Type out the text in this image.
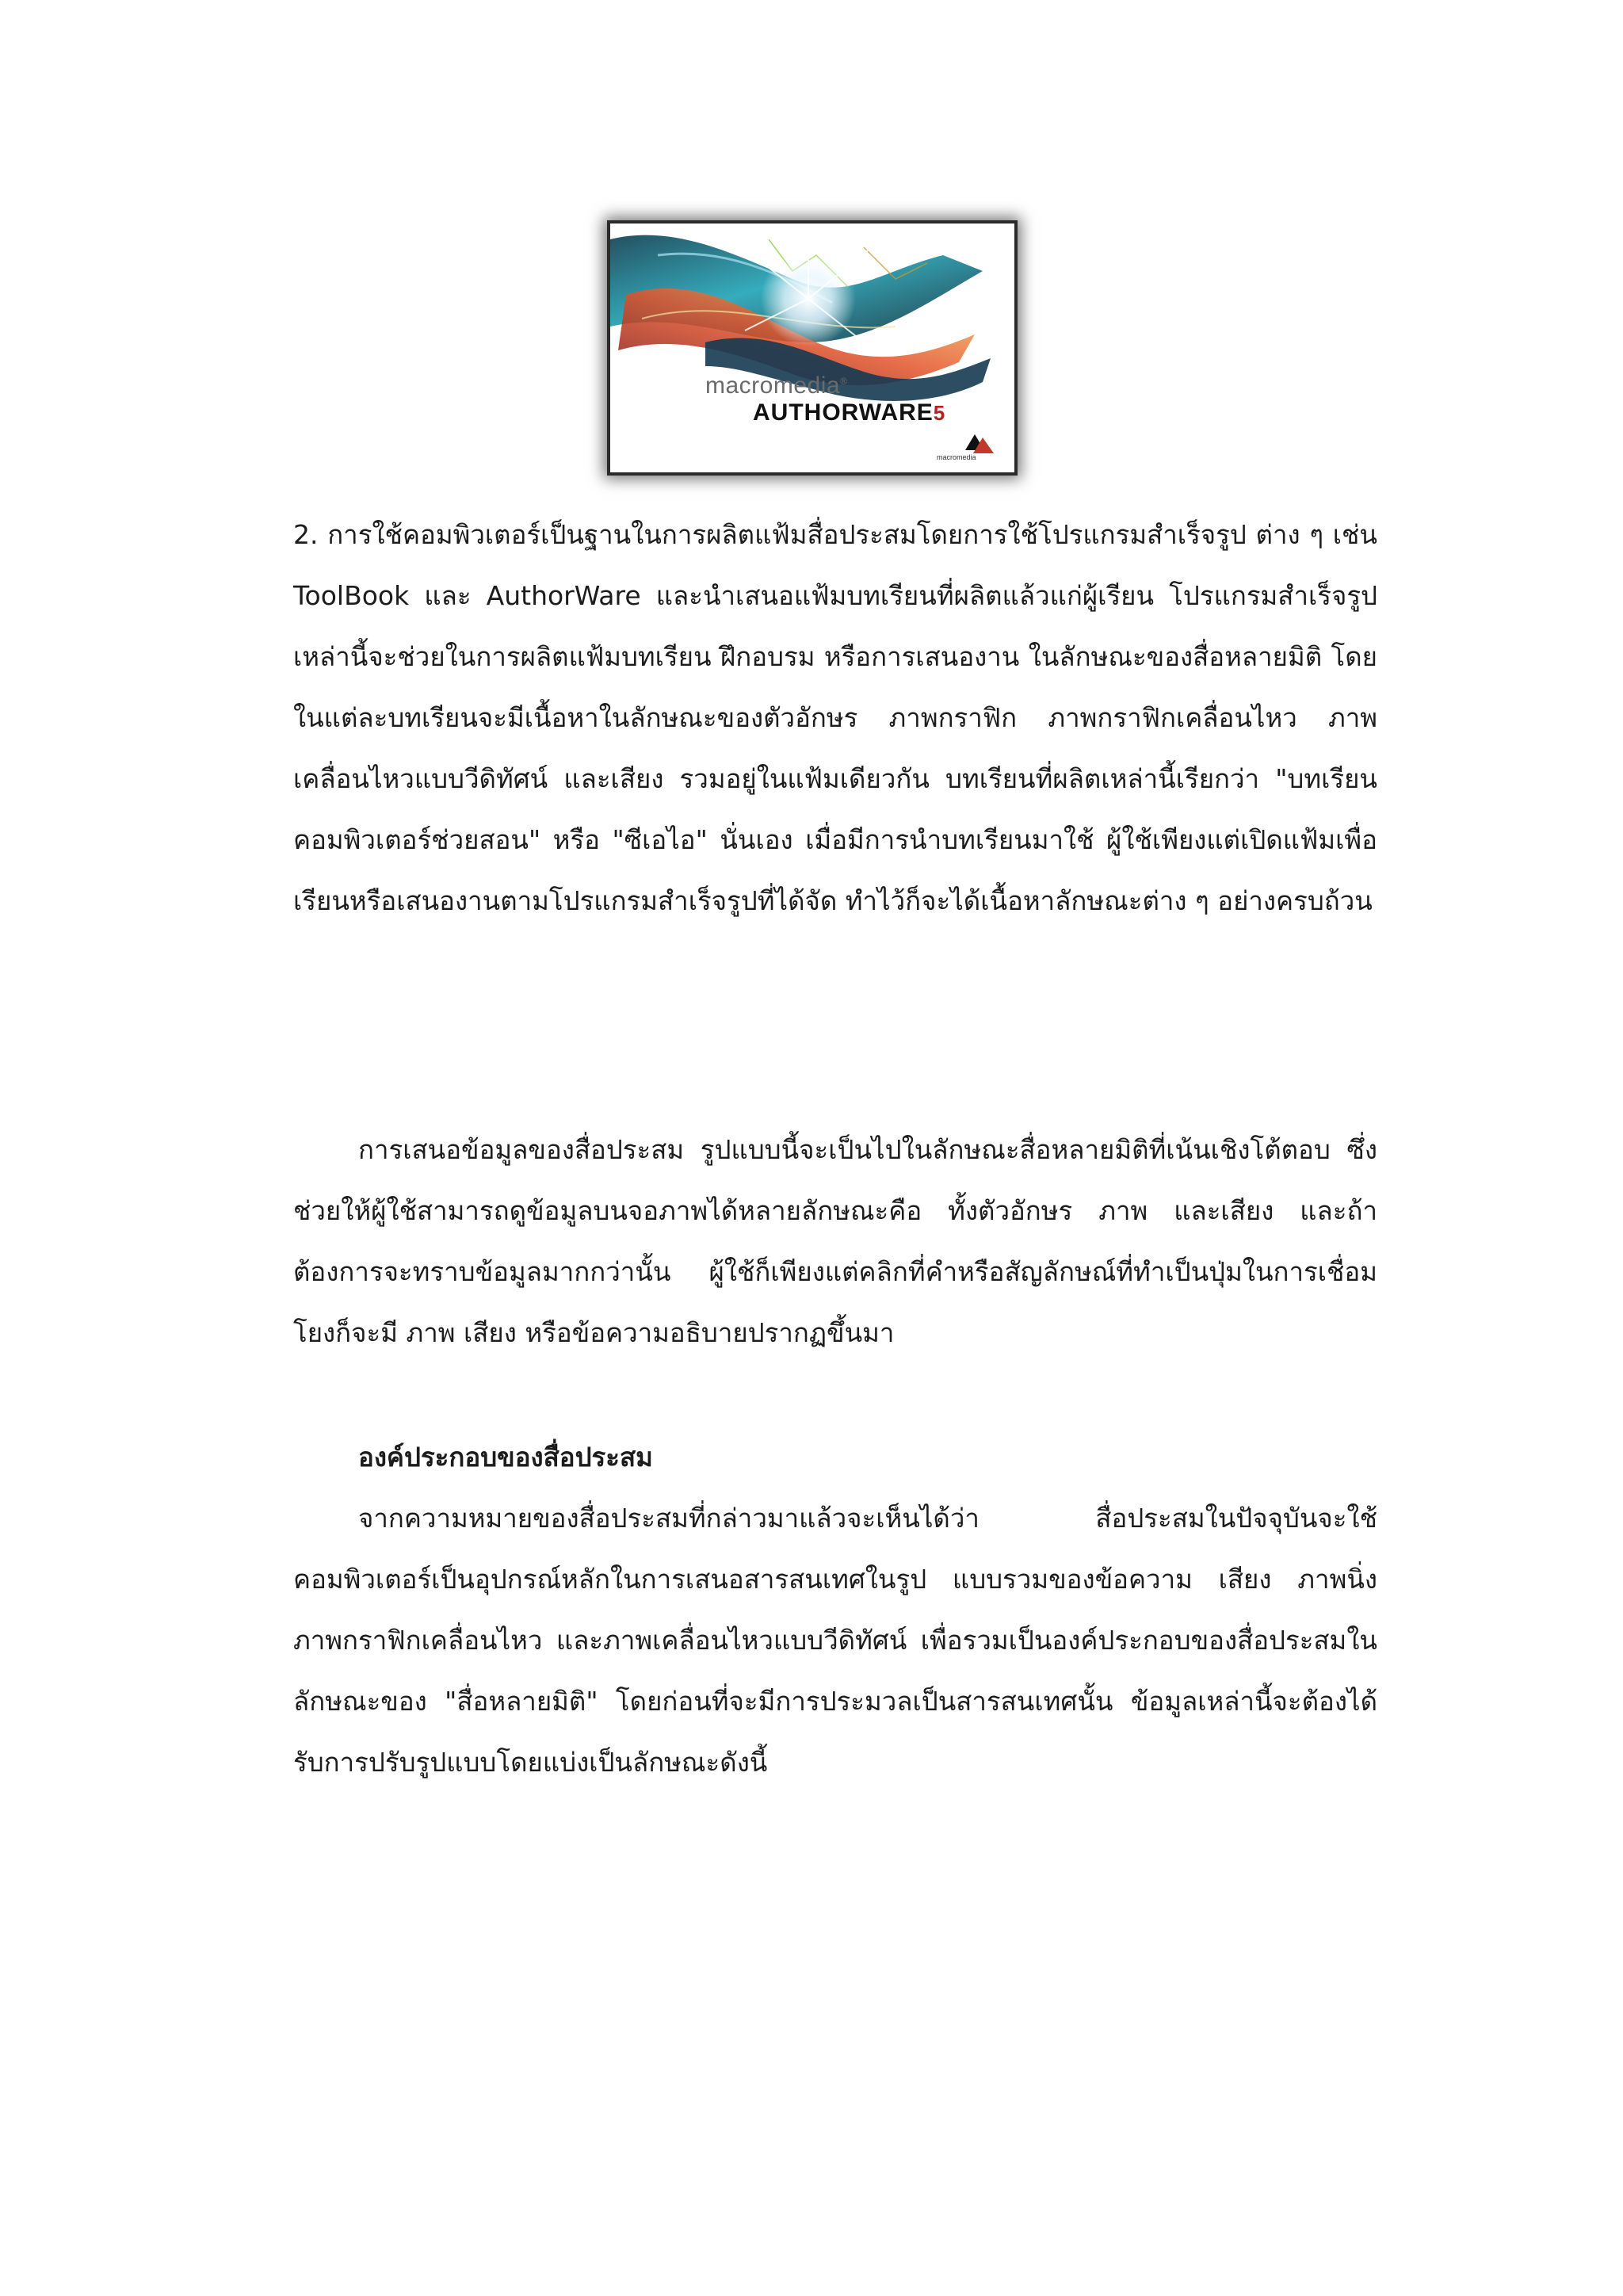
macromedia®
AUTHORWARE5
macromedia

2. การใช้คอมพิวเตอร์เป็นฐานในการผลิตแฟ้มสื่อประสมโดยการใช้โปรแกรมสำเร็จรูป ต่าง ๆ เช่น ToolBook และ AuthorWare และนำเสนอแฟ้มบทเรียนที่ผลิตแล้วแก่ผู้เรียน โปรแกรมสำเร็จรูปเหล่านี้จะช่วยในการผลิตแฟ้มบทเรียน ฝึกอบรม หรือการเสนองาน ในลักษณะของสื่อหลายมิติ โดยในแต่ละบทเรียนจะมีเนื้อหาในลักษณะของตัวอักษร ภาพกราฟิก ภาพกราฟิกเคลื่อนไหว ภาพเคลื่อนไหวแบบวีดิทัศน์ และเสียง รวมอยู่ในแฟ้มเดียวกัน บทเรียนที่ผลิตเหล่านี้เรียกว่า "บทเรียนคอมพิวเตอร์ช่วยสอน" หรือ "ซีเอไอ" นั่นเอง เมื่อมีการนำบทเรียนมาใช้ ผู้ใช้เพียงแต่เปิดแฟ้มเพื่อเรียนหรือเสนองานตามโปรแกรมสำเร็จรูปที่ได้จัด ทำไว้ก็จะได้เนื้อหาลักษณะต่าง ๆ อย่างครบถ้วน

การเสนอข้อมูลของสื่อประสม รูปแบบนี้จะเป็นไปในลักษณะสื่อหลายมิติที่เน้นเชิงโต้ตอบ ซึ่งช่วยให้ผู้ใช้สามารถดูข้อมูลบนจอภาพได้หลายลักษณะคือ ทั้งตัวอักษร ภาพ และเสียง และถ้าต้องการจะทราบข้อมูลมากกว่านั้น ผู้ใช้ก็เพียงแต่คลิกที่คำหรือสัญลักษณ์ที่ทำเป็นปุ่มในการเชื่อมโยงก็จะมี ภาพ เสียง หรือข้อความอธิบายปรากฏขึ้นมา

องค์ประกอบของสื่อประสม

จากความหมายของสื่อประสมที่กล่าวมาแล้วจะเห็นได้ว่า สื่อประสมในปัจจุบันจะใช้คอมพิวเตอร์เป็นอุปกรณ์หลักในการเสนอสารสนเทศในรูป แบบรวมของข้อความ เสียง ภาพนิ่ง ภาพกราฟิกเคลื่อนไหว และภาพเคลื่อนไหวแบบวีดิทัศน์ เพื่อรวมเป็นองค์ประกอบของสื่อประสมในลักษณะของ "สื่อหลายมิติ" โดยก่อนที่จะมีการประมวลเป็นสารสนเทศนั้น ข้อมูลเหล่านี้จะต้องได้รับการปรับรูปแบบโดยแบ่งเป็นลักษณะดังนี้
